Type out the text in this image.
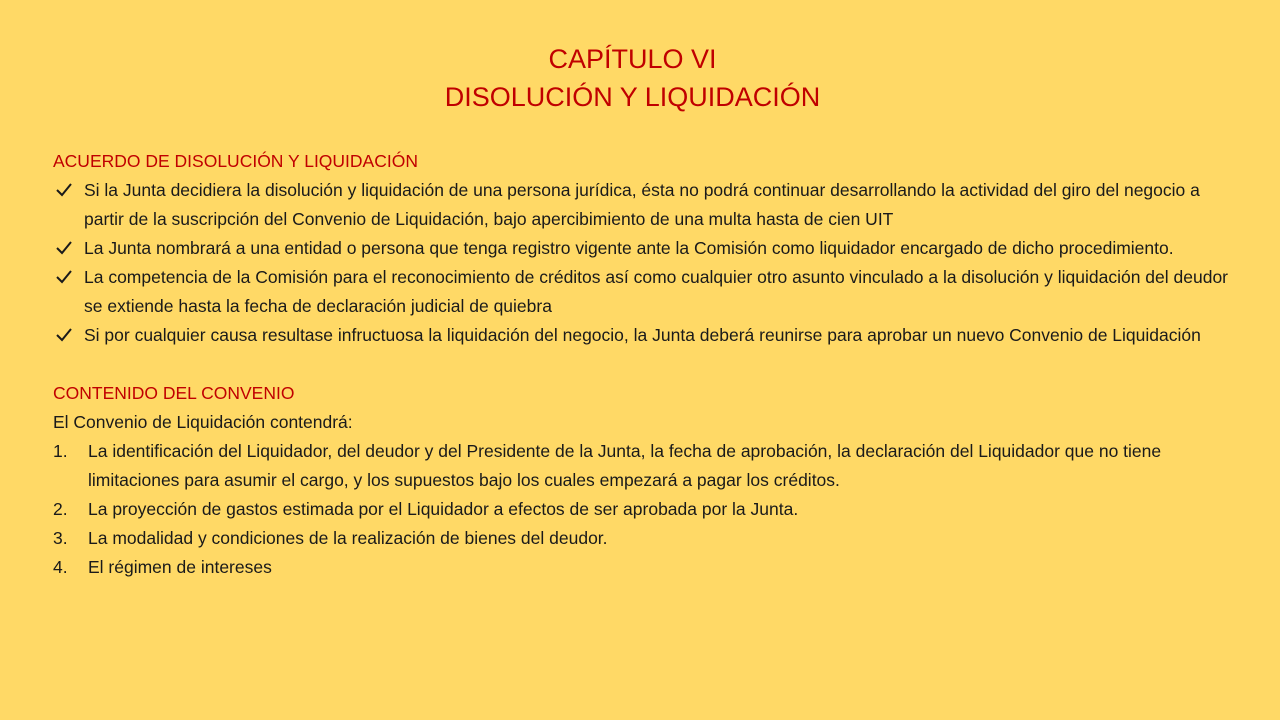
CAPÍTULO VI
DISOLUCIÓN Y LIQUIDACIÓN
ACUERDO DE DISOLUCIÓN Y LIQUIDACIÓN
Si la Junta decidiera la disolución y liquidación de una persona jurídica, ésta no podrá continuar desarrollando la actividad del giro del negocio a partir de la suscripción del Convenio de Liquidación, bajo apercibimiento de una multa hasta de cien UIT
La Junta nombrará a una entidad o persona que tenga registro vigente ante la Comisión como liquidador encargado de dicho procedimiento.
La competencia de la Comisión para el reconocimiento de créditos así como cualquier otro asunto vinculado a la disolución y liquidación del deudor se extiende hasta la fecha de declaración judicial de quiebra
Si por cualquier causa resultase infructuosa la liquidación del negocio, la Junta deberá reunirse para aprobar un nuevo Convenio de Liquidación
CONTENIDO DEL CONVENIO
El Convenio de Liquidación contendrá:
1. La identificación del Liquidador, del deudor y del Presidente de la Junta, la fecha de aprobación, la declaración del Liquidador que no tiene limitaciones para asumir el cargo, y los supuestos bajo los cuales empezará a pagar los créditos.
2. La proyección de gastos estimada por el Liquidador a efectos de ser aprobada por la Junta.
3. La modalidad y condiciones de la realización de bienes del deudor.
4. El régimen de intereses
